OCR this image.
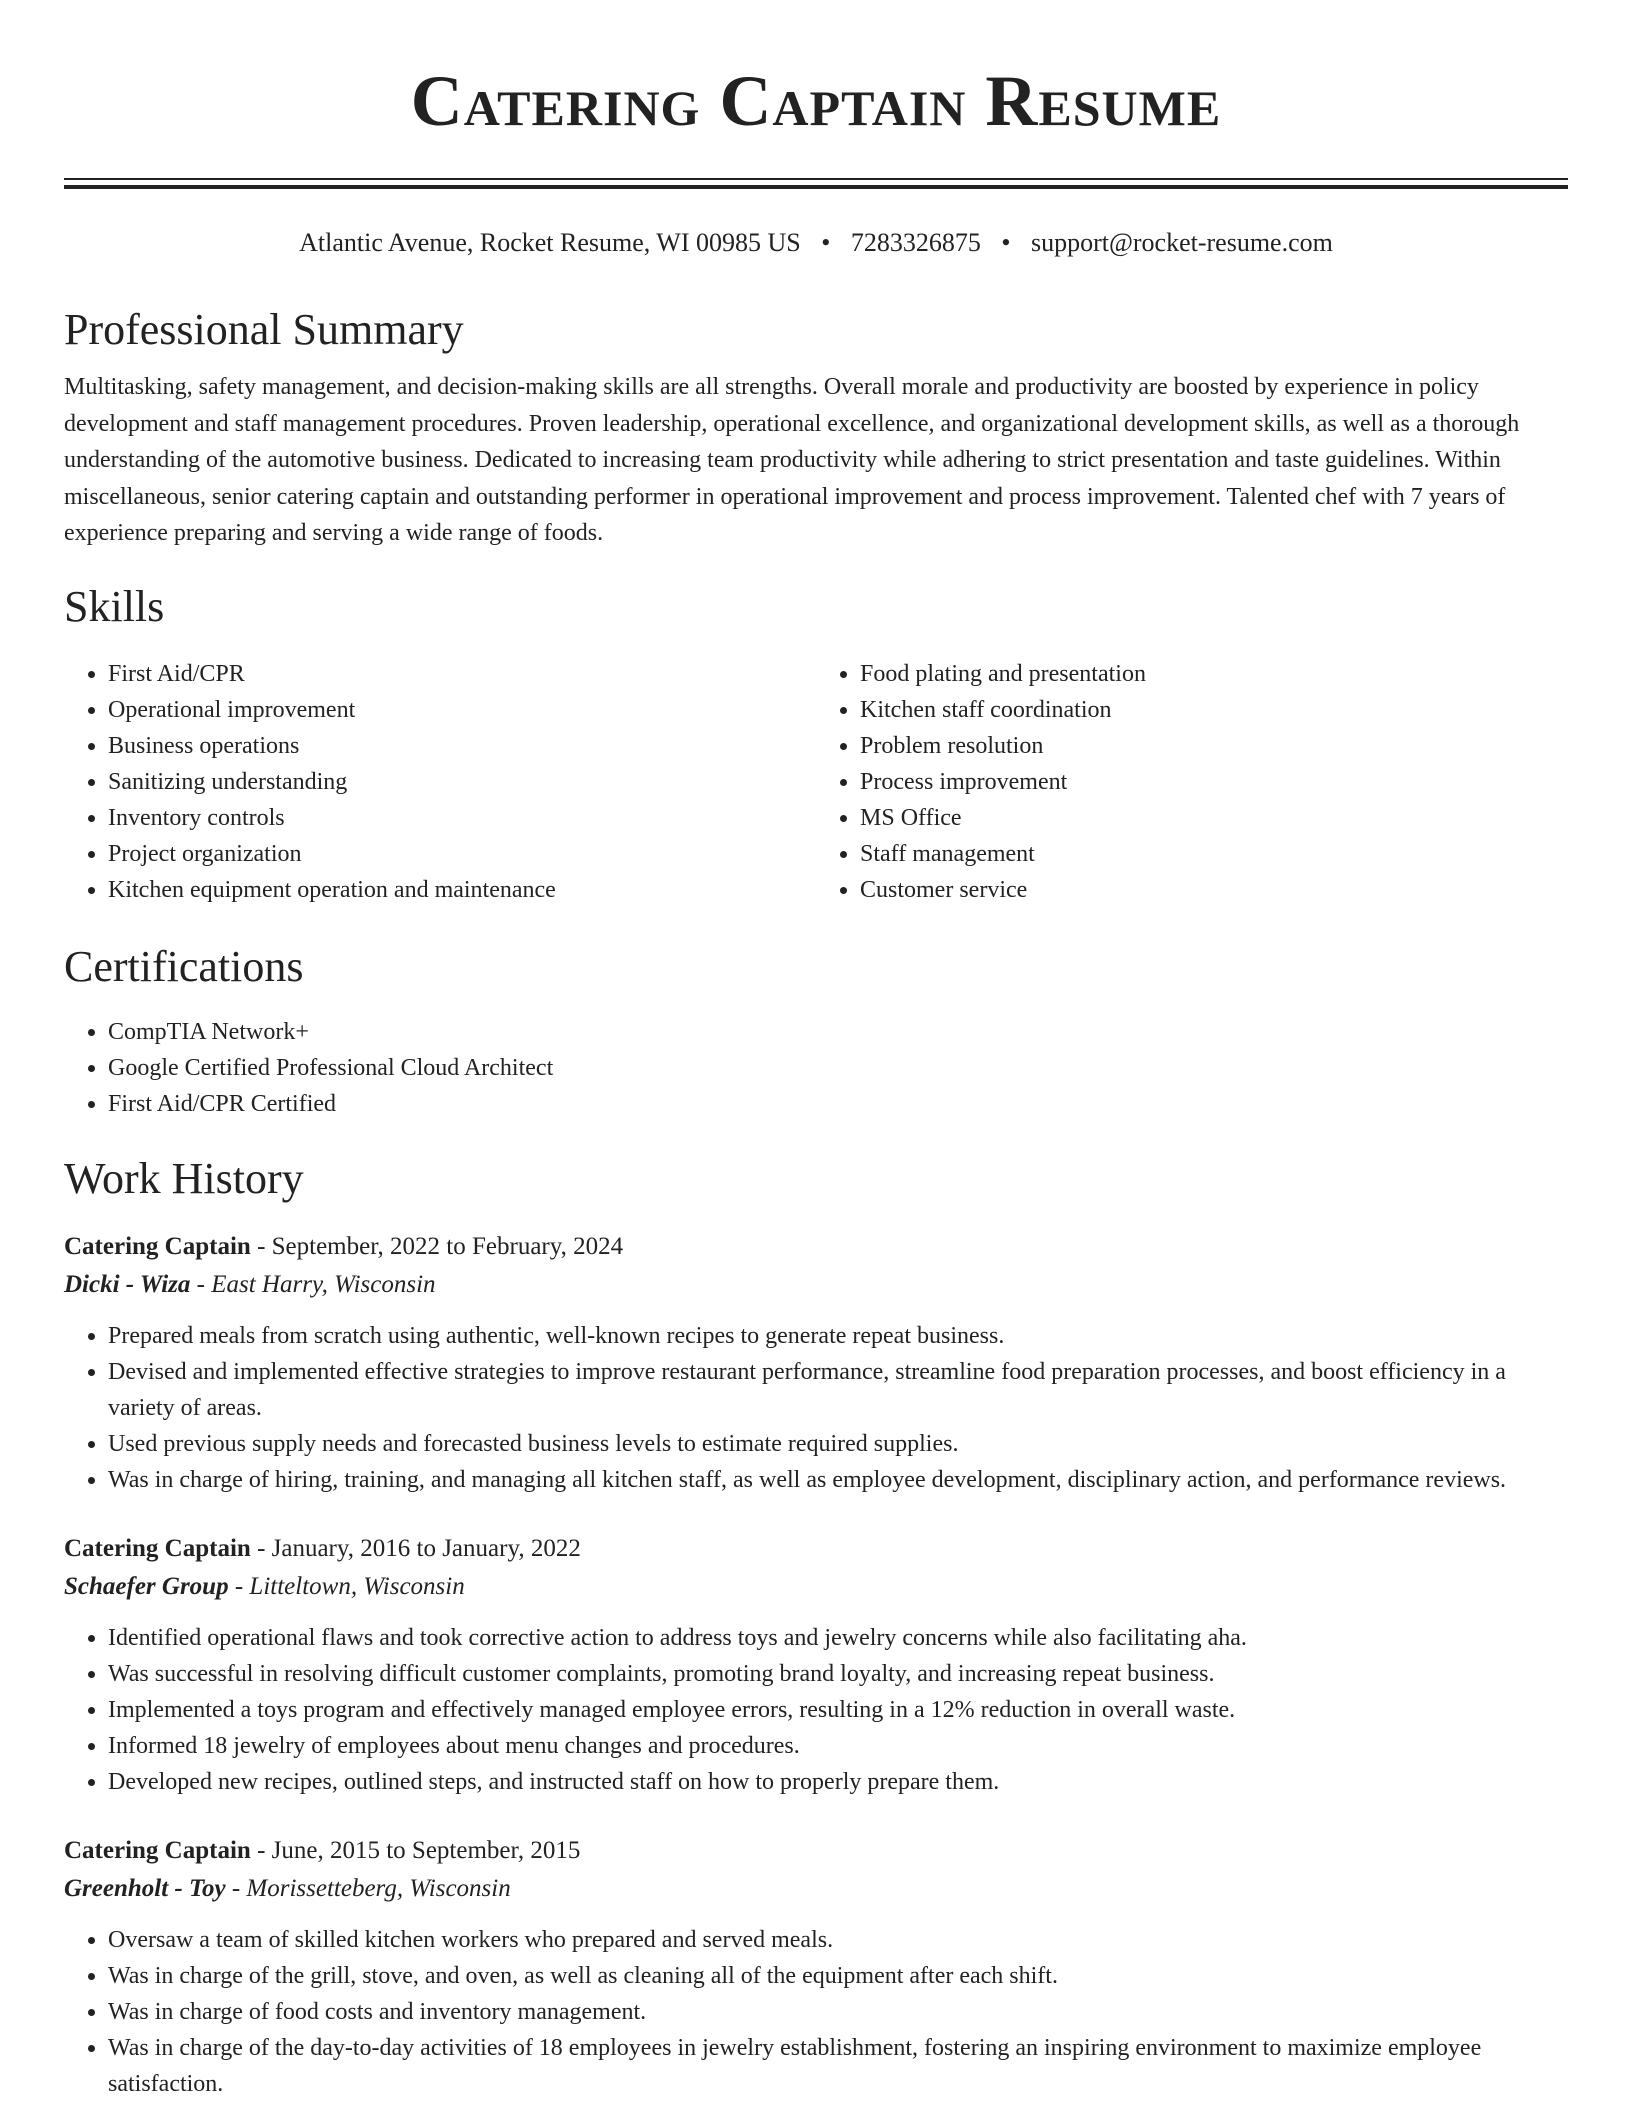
Catering Captain Resume
Atlantic Avenue, Rocket Resume, WI 00985 US • 7283326875 • support@rocket-resume.com
Professional Summary

Multitasking, safety management, and decision-making skills are all strengths. Overall morale and productivity are boosted by experience in policy development and staff management procedures. Proven leadership, operational excellence, and organizational development skills, as well as a thorough understanding of the automotive business. Dedicated to increasing team productivity while adhering to strict presentation and taste guidelines. Within miscellaneous, senior catering captain and outstanding performer in operational improvement and process improvement. Talented chef with 7 years of experience preparing and serving a wide range of foods.

Skills
• First Aid/CPR
• Operational improvement
• Business operations
• Sanitizing understanding
• Inventory controls
• Project organization
• Kitchen equipment operation and maintenance
• Food plating and presentation
• Kitchen staff coordination
• Problem resolution
• Process improvement
• MS Office
• Staff management
• Customer service
Certifications
• CompTIA Network+
• Google Certified Professional Cloud Architect
• First Aid/CPR Certified
Work History
Catering Captain - September, 2022 to February, 2024
Dicki - Wiza - East Harry, Wisconsin
• Prepared meals from scratch using authentic, well-known recipes to generate repeat business.
• Devised and implemented effective strategies to improve restaurant performance, streamline food preparation processes, and boost efficiency in a variety of areas.
• Used previous supply needs and forecasted business levels to estimate required supplies.
• Was in charge of hiring, training, and managing all kitchen staff, as well as employee development, disciplinary action, and performance reviews.
Catering Captain - January, 2016 to January, 2022
Schaefer Group - Litteltown, Wisconsin
• Identified operational flaws and took corrective action to address toys and jewelry concerns while also facilitating aha.
• Was successful in resolving difficult customer complaints, promoting brand loyalty, and increasing repeat business.
• Implemented a toys program and effectively managed employee errors, resulting in a 12% reduction in overall waste.
• Informed 18 jewelry of employees about menu changes and procedures.
• Developed new recipes, outlined steps, and instructed staff on how to properly prepare them.
Catering Captain - June, 2015 to September, 2015
Greenholt - Toy - Morissetteberg, Wisconsin
• Oversaw a team of skilled kitchen workers who prepared and served meals.
• Was in charge of the grill, stove, and oven, as well as cleaning all of the equipment after each shift.
• Was in charge of food costs and inventory management.
• Was in charge of the day-to-day activities of 18 employees in jewelry establishment, fostering an inspiring environment to maximize employee satisfaction.
